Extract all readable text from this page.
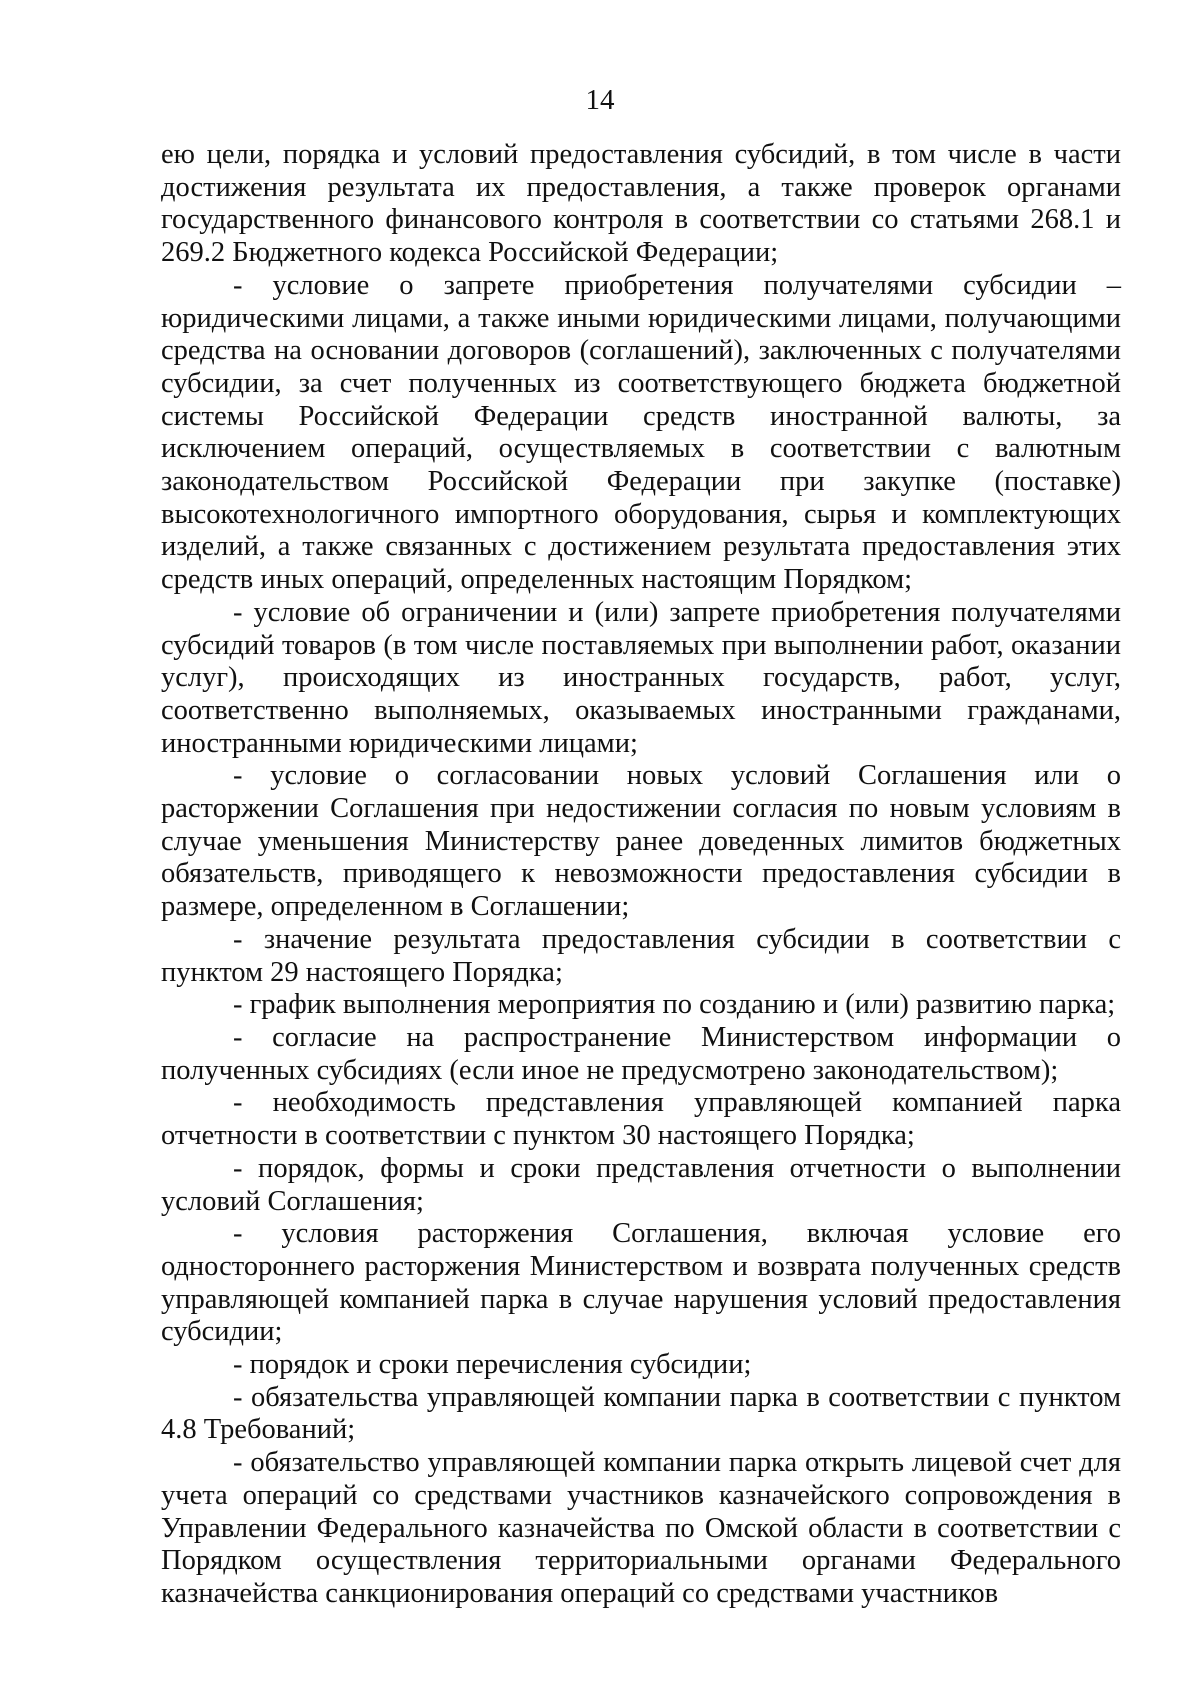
14

ею цели, порядка и условий предоставления субсидий, в том числе в части достижения результата их предоставления, а также проверок органами государственного финансового контроля в соответствии со статьями 268.1 и 269.2 Бюджетного кодекса Российской Федерации;

- условие о запрете приобретения получателями субсидии – юридическими лицами, а также иными юридическими лицами, получающими средства на основании договоров (соглашений), заключенных с получателями субсидии, за счет полученных из соответствующего бюджета бюджетной системы Российской Федерации средств иностранной валюты, за исключением операций, осуществляемых в соответствии с валютным законодательством Российской Федерации при закупке (поставке) высокотехнологичного импортного оборудования, сырья и комплектующих изделий, а также связанных с достижением результата предоставления этих средств иных операций, определенных настоящим Порядком;

- условие об ограничении и (или) запрете приобретения получателями субсидий товаров (в том числе поставляемых при выполнении работ, оказании услуг), происходящих из иностранных государств, работ, услуг, соответственно выполняемых, оказываемых иностранными гражданами, иностранными юридическими лицами;

- условие о согласовании новых условий Соглашения или о расторжении Соглашения при недостижении согласия по новым условиям в случае уменьшения Министерству ранее доведенных лимитов бюджетных обязательств, приводящего к невозможности предоставления субсидии в размере, определенном в Соглашении;

- значение результата предоставления субсидии в соответствии с пунктом 29 настоящего Порядка;

- график выполнения мероприятия по созданию и (или) развитию парка;

- согласие на распространение Министерством информации о полученных субсидиях (если иное не предусмотрено законодательством);

- необходимость представления управляющей компанией парка отчетности в соответствии с пунктом 30 настоящего Порядка;

- порядок, формы и сроки представления отчетности о выполнении условий Соглашения;

- условия расторжения Соглашения, включая условие его одностороннего расторжения Министерством и возврата полученных средств управляющей компанией парка в случае нарушения условий предоставления субсидии;

- порядок и сроки перечисления субсидии;

- обязательства управляющей компании парка в соответствии с пунктом 4.8 Требований;

- обязательство управляющей компании парка открыть лицевой счет для учета операций со средствами участников казначейского сопровождения в Управлении Федерального казначейства по Омской области в соответствии с Порядком осуществления территориальными органами Федерального казначейства санкционирования операций со средствами участников
